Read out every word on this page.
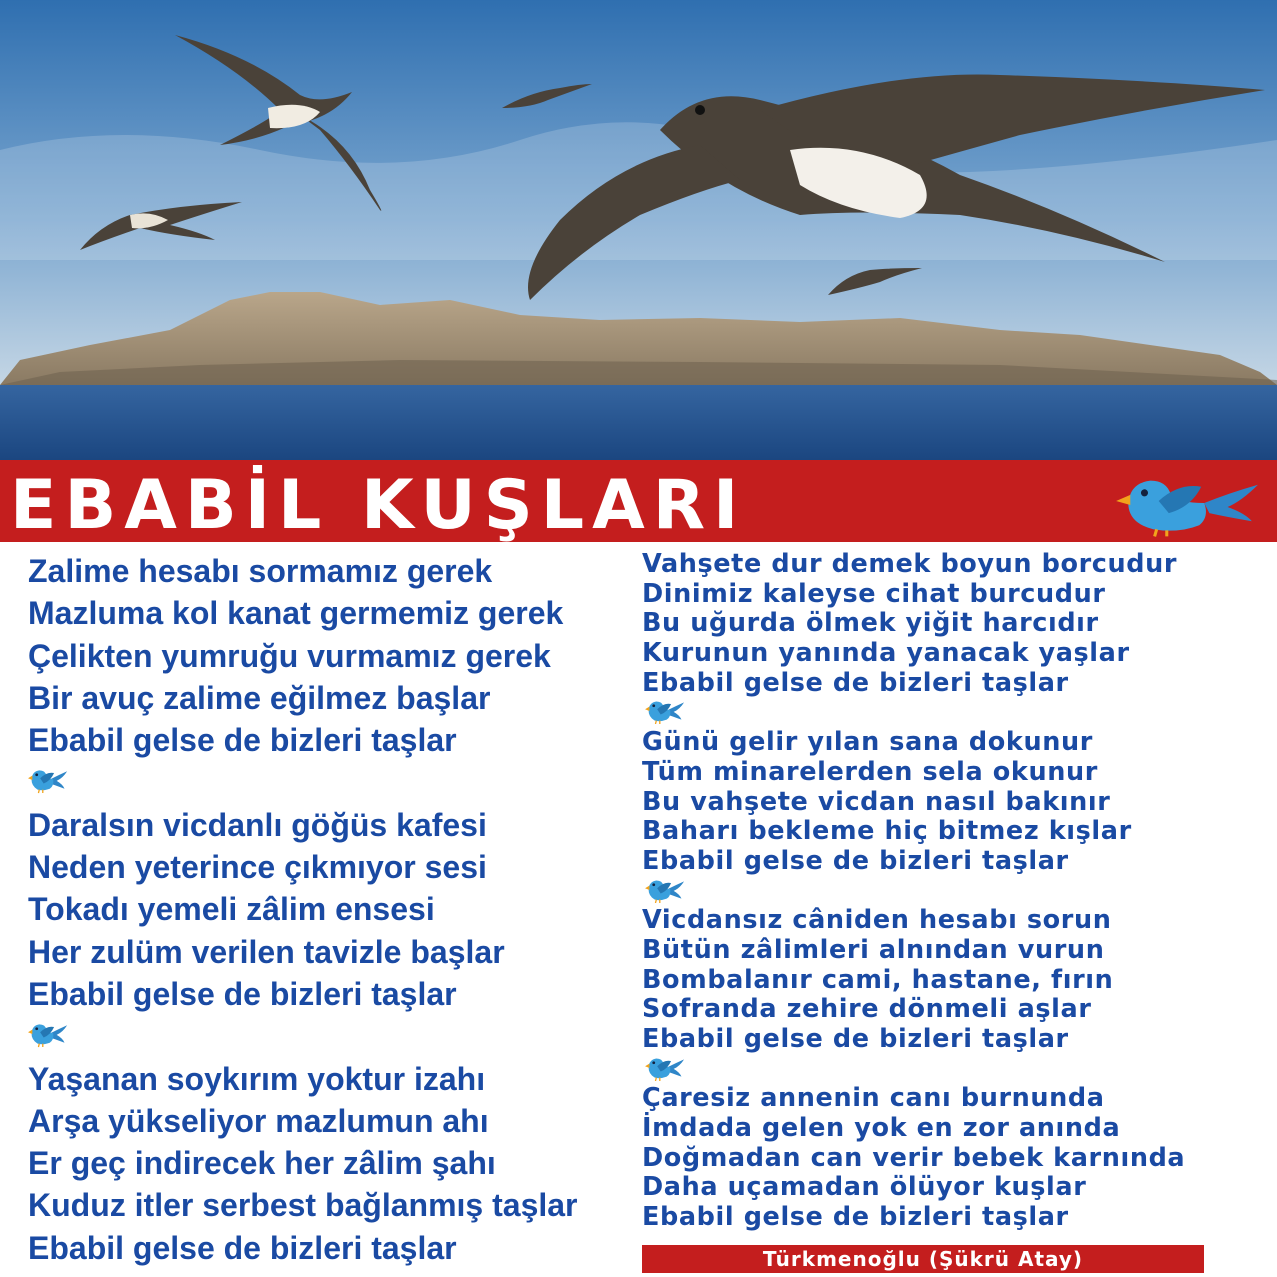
EBABİL KUŞLARI
Zalime hesabı sormamız gerek
Mazluma kol kanat germemiz gerek
Çelikten yumruğu vurmamız gerek
Bir avuç zalime eğilmez başlar
Ebabil gelse de bizleri taşlar
Daralsın vicdanlı göğüs kafesi
Neden yeterince çıkmıyor sesi
Tokadı yemeli zâlim ensesi
Her zulüm verilen tavizle başlar
Ebabil gelse de bizleri taşlar
Yaşanan soykırım yoktur izahı
Arşa yükseliyor mazlumun ahı
Er geç indirecek her zâlim şahı
Kuduz itler serbest bağlanmış taşlar
Ebabil gelse de bizleri taşlar
Vahşete dur demek boyun borcudur
Dinimiz kaleyse cihat burcudur
Bu uğurda ölmek yiğit harcıdır
Kurunun yanında yanacak yaşlar
Ebabil gelse de bizleri taşlar
Günü gelir yılan sana dokunur
Tüm minarelerden sela okunur
Bu vahşete vicdan nasıl bakınır
Baharı bekleme hiç bitmez kışlar
Ebabil gelse de bizleri taşlar
Vicdansız câniden hesabı sorun
Bütün zâlimleri alnından vurun
Bombalanır cami, hastane, fırın
Sofranda zehire dönmeli aşlar
Ebabil gelse de bizleri taşlar
Çaresiz annenin canı burnunda
İmdada gelen yok en zor anında
Doğmadan can verir bebek karnında
Daha uçamadan ölüyor kuşlar
Ebabil gelse de bizleri taşlar
Türkmenoğlu (Şükrü Atay)
